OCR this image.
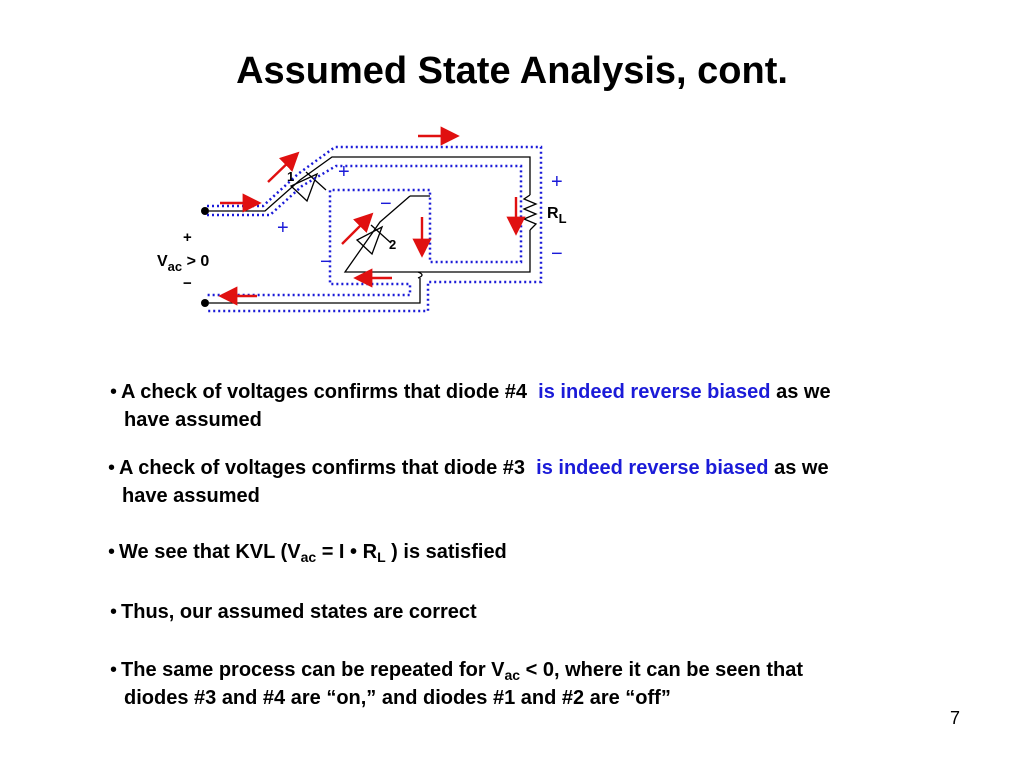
Assumed State Analysis, cont.
1
2
+
$V_{ac} > 0$
−
$R_L$
+
−
+
−
+
−
• A check of voltages confirms that diode #4 is indeed reverse biased as we
have assumed
• A check of voltages confirms that diode #3 is indeed reverse biased as we
have assumed
• We see that KVL ($V_{ac} = I$ • $R_L$ ) is satisfied
• Thus, our assumed states are correct
• The same process can be repeated for $V_{ac} < 0$, where it can be seen that
diodes #3 and #4 are “on,” and diodes #1 and #2 are “off”
7
